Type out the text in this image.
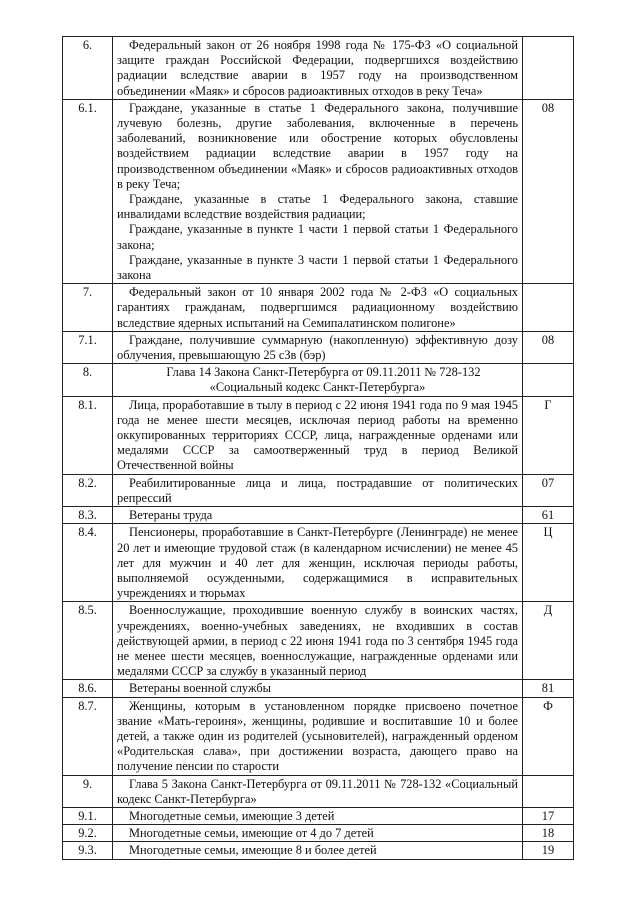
6.	Федеральный закон от 26 ноября 1998 года № 175-ФЗ «О социальной защите граждан Российской Федерации, подвергшихся воздействию радиации вследствие аварии в 1957 году на производственном объединении «Маяк» и сбросов радиоактивных отходов в реку Теча»	

6.1.	Граждане, указанные в статье 1 Федерального закона, получившие лучевую болезнь, другие заболевания, включенные в перечень заболеваний, возникновение или обострение которых обусловлены воздействием радиации вследствие аварии в 1957 году на производственном объединении «Маяк» и сбросов радиоактивных отходов в реку Теча;
Граждане, указанные в статье 1 Федерального закона, ставшие инвалидами вследствие воздействия радиации;
Граждане, указанные в пункте 1 части 1 первой статьи 1 Федерального закона;
Граждане, указанные в пункте 3 части 1 первой статьи 1 Федерального закона	08
7.	Федеральный закон от 10 января 2002 года № 2-ФЗ «О социальных гарантиях гражданам, подвергшимся радиационному воздействию вследствие ядерных испытаний на Семипалатинском полигоне»	

7.1.	Граждане, получившие суммарную (накопленную) эффективную дозу облучения, превышающую 25 сЗв (бэр)	08
8.	Глава 14 Закона Санкт-Петербурга от 09.11.2011 № 728-132 «Социальный кодекс Санкт-Петербурга»	

8.1.	Лица, проработавшие в тылу в период с 22 июня 1941 года по 9 мая 1945 года не менее шести месяцев, исключая период работы на временно оккупированных территориях СССР, лица, награжденные орденами или медалями СССР за самоотверженный труд в период Великой Отечественной войны	Г
8.2.	Реабилитированные лица и лица, пострадавшие от политических репрессий	07
8.3.	Ветераны труда	61
8.4.	Пенсионеры, проработавшие в Санкт-Петербурге (Ленинграде) не менее 20 лет и имеющие трудовой стаж (в календарном исчислении) не менее 45 лет для мужчин и 40 лет для женщин, исключая периоды работы, выполняемой осужденными, содержащимися в исправительных учреждениях и тюрьмах	Ц
8.5.	Военнослужащие, проходившие военную службу в воинских частях, учреждениях, военно-учебных заведениях, не входивших в состав действующей армии, в период с 22 июня 1941 года по 3 сентября 1945 года не менее шести месяцев, военнослужащие, награжденные орденами или медалями СССР за службу в указанный период	Д
8.6.	Ветераны военной службы	81
8.7.	Женщины, которым в установленном порядке присвоено почетное звание «Мать-героиня», женщины, родившие и воспитавшие 10 и более детей, а также один из родителей (усыновителей), награжденный орденом «Родительская слава», при достижении возраста, дающего право на получение пенсии по старости	Ф
9.	Глава 5 Закона Санкт-Петербурга от 09.11.2011 № 728-132 «Социальный кодекс Санкт-Петербурга»	

9.1.	Многодетные семьи, имеющие 3 детей	17
9.2.	Многодетные семьи, имеющие от 4 до 7 детей	18
9.3.	Многодетные семьи, имеющие 8 и более детей	19
